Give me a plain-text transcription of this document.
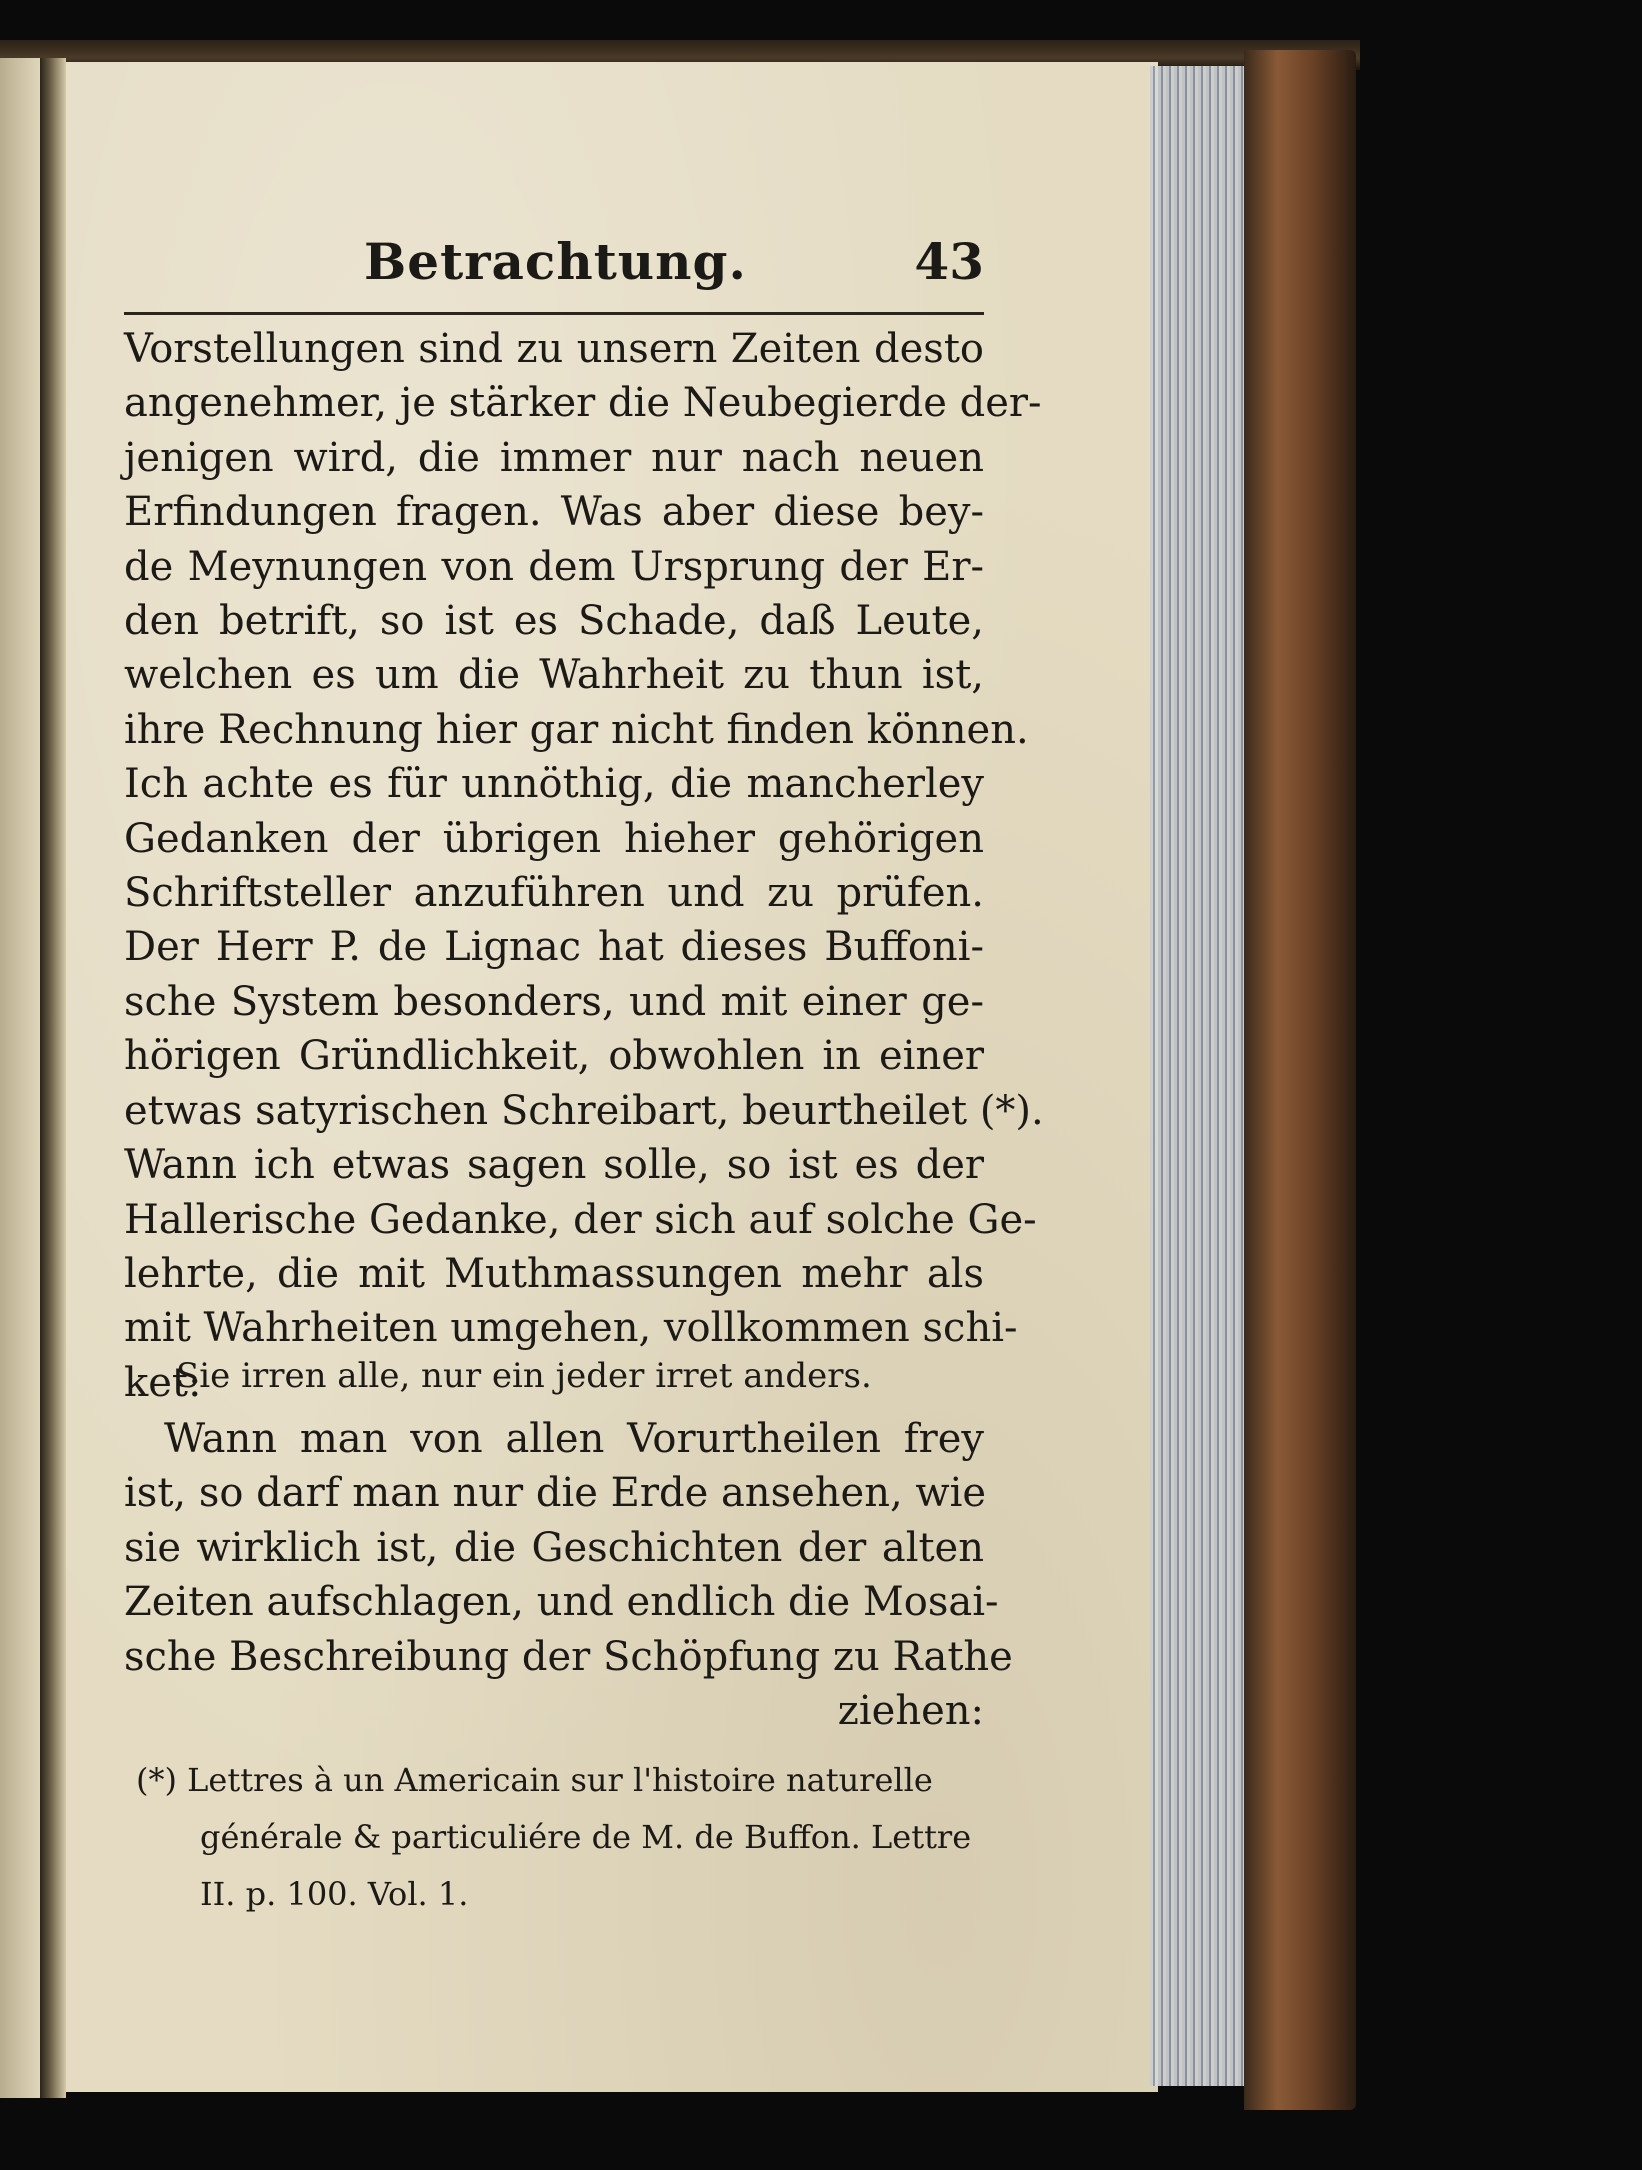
Betrachtung.	43
Vorstellungen sind zu unsern Zeiten desto
angenehmer, je stärker die Neubegierde der-
jenigen wird, die immer nur nach neuen
Erfindungen fragen. Was aber diese bey-
de Meynungen von dem Ursprung der Er-
den betrift, so ist es Schade, daß Leute,
welchen es um die Wahrheit zu thun ist,
ihre Rechnung hier gar nicht finden können.
Ich achte es für unnöthig, die mancherley
Gedanken der übrigen hieher gehörigen
Schriftsteller anzuführen und zu prüfen.
Der Herr P. de Lignac hat dieses Buffoni-
sche System besonders, und mit einer ge-
hörigen Gründlichkeit, obwohlen in einer
etwas satyrischen Schreibart, beurtheilet (*).
Wann ich etwas sagen solle, so ist es der
Hallerische Gedanke, der sich auf solche Ge-
lehrte, die mit Muthmassungen mehr als
mit Wahrheiten umgehen, vollkommen schi-
ket:
Sie irren alle, nur ein jeder irret anders.
Wann man von allen Vorurtheilen frey
ist, so darf man nur die Erde ansehen, wie
sie wirklich ist, die Geschichten der alten
Zeiten aufschlagen, und endlich die Mosai-
sche Beschreibung der Schöpfung zu Rathe
ziehen:
(*) Lettres à un Americain sur l'histoire naturelle
générale & particuliére de M. de Buffon. Lettre
II. p. 100. Vol. 1.
